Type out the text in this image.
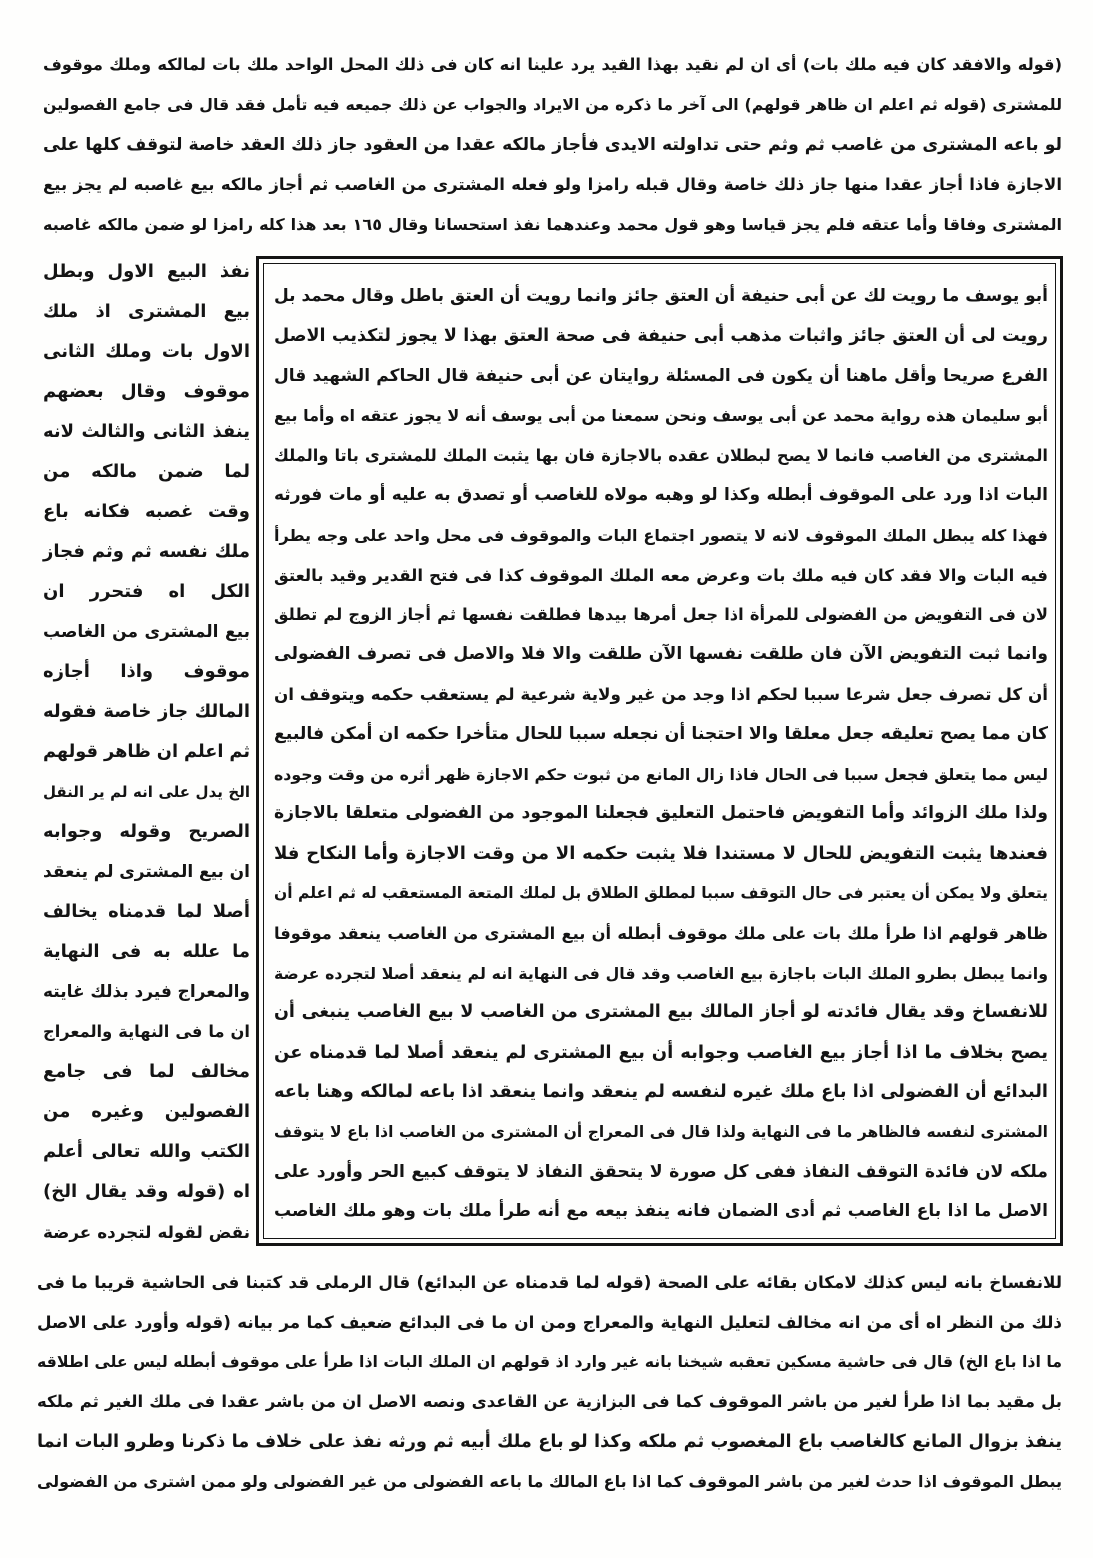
(قوله والافقد كان فيه ملك بات) أى ان لم نقيد بهذا القيد يرد علينا انه كان فى ذلك المحل الواحد ملك بات لمالكه وملك موقوف
للمشترى (قوله ثم اعلم ان ظاهر قولهم) الى آخر ما ذكره من الايراد والجواب عن ذلك جميعه فيه تأمل فقد قال فى جامع الفصولين
لو باعه المشترى من غاصب ثم وثم حتى تداولته الايدى فأجاز مالكه عقدا من العقود جاز ذلك العقد خاصة لتوقف كلها على
الاجازة فاذا أجاز عقدا منها جاز ذلك خاصة وقال قبله رامزا ولو فعله المشترى من الغاصب ثم أجاز مالكه بيع غاصبه لم يجز بيع
المشترى وفاقا وأما عتقه فلم يجز قياسا وهو قول محمد وعندهما نفذ استحسانا وقال ١٦٥ بعد هذا كله رامزا لو ضمن مالكه غاصبه
نفذ البيع الاول وبطل
بيع المشترى اذ ملك
الاول بات وملك الثانى
موقوف وقال بعضهم
ينفذ الثانى والثالث لانه
لما ضمن مالكه من
وقت غصبه فكانه باع
ملك نفسه ثم وثم فجاز
الكل اه فتحرر ان
بيع المشترى من الغاصب
موقوف واذا أجازه
المالك جاز خاصة فقوله
ثم اعلم ان ظاهر قولهم
الخ يدل على انه لم ير النقل
الصريح وقوله وجوابه
ان بيع المشترى لم ينعقد
أصلا لما قدمناه يخالف
ما علله به فى النهاية
والمعراج فيرد بذلك غايته
ان ما فى النهاية والمعراج
مخالف لما فى جامع
الفصولين وغيره من
الكتب والله تعالى أعلم
اه (قوله وقد يقال الخ)
نقض لقوله لتجرده عرضة
أبو يوسف ما رويت لك عن أبى حنيفة أن العتق جائز وانما رويت أن العتق باطل وقال محمد بل
رويت لى أن العتق جائز واثبات مذهب أبى حنيفة فى صحة العتق بهذا لا يجوز لتكذيب الاصل
الفرع صريحا وأقل ماهنا أن يكون فى المسئلة روايتان عن أبى حنيفة قال الحاكم الشهيد قال
أبو سليمان هذه رواية محمد عن أبى يوسف ونحن سمعنا من أبى يوسف أنه لا يجوز عتقه اه وأما بيع
المشترى من الغاصب فانما لا يصح لبطلان عقده بالاجازة فان بها يثبت الملك للمشترى باتا والملك
البات اذا ورد على الموقوف أبطله وكذا لو وهبه مولاه للغاصب أو تصدق به عليه أو مات فورثه
فهذا كله يبطل الملك الموقوف لانه لا يتصور اجتماع البات والموقوف فى محل واحد على وجه يطرأ
فيه البات والا فقد كان فيه ملك بات وعرض معه الملك الموقوف كذا فى فتح القدير وقيد بالعتق
لان فى التفويض من الفضولى للمرأة اذا جعل أمرها بيدها فطلقت نفسها ثم أجاز الزوج لم تطلق
وانما ثبت التفويض الآن فان طلقت نفسها الآن طلقت والا فلا والاصل فى تصرف الفضولى
أن كل تصرف جعل شرعا سببا لحكم اذا وجد من غير ولاية شرعية لم يستعقب حكمه ويتوقف ان
كان مما يصح تعليقه جعل معلقا والا احتجنا أن نجعله سببا للحال متأخرا حكمه ان أمكن فالبيع
ليس مما يتعلق فجعل سببا فى الحال فاذا زال المانع من ثبوت حكم الاجازة ظهر أثره من وقت وجوده
ولذا ملك الزوائد وأما التفويض فاحتمل التعليق فجعلنا الموجود من الفضولى متعلقا بالاجازة
فعندها يثبت التفويض للحال لا مستندا فلا يثبت حكمه الا من وقت الاجازة وأما النكاح فلا
يتعلق ولا يمكن أن يعتبر فى حال التوقف سببا لمطلق الطلاق بل لملك المتعة المستعقب له ثم اعلم أن
ظاهر قولهم اذا طرأ ملك بات على ملك موقوف أبطله أن بيع المشترى من الغاصب ينعقد موقوفا
وانما يبطل بطرو الملك البات باجازة بيع الغاصب وقد قال فى النهاية انه لم ينعقد أصلا لتجرده عرضة
للانفساخ وقد يقال فائدته لو أجاز المالك بيع المشترى من الغاصب لا بيع الغاصب ينبغى أن
يصح بخلاف ما اذا أجاز بيع الغاصب وجوابه أن بيع المشترى لم ينعقد أصلا لما قدمناه عن
البدائع أن الفضولى اذا باع ملك غيره لنفسه لم ينعقد وانما ينعقد اذا باعه لمالكه وهنا باعه
المشترى لنفسه فالظاهر ما فى النهاية ولذا قال فى المعراج أن المشترى من الغاصب اذا باع لا يتوقف
ملكه لان فائدة التوقف النفاذ ففى كل صورة لا يتحقق النفاذ لا يتوقف كبيع الحر وأورد على
الاصل ما اذا باع الغاصب ثم أدى الضمان فانه ينفذ بيعه مع أنه طرأ ملك بات وهو ملك الغاصب
للانفساخ بانه ليس كذلك لامكان بقائه على الصحة (قوله لما قدمناه عن البدائع) قال الرملى قد كتبنا فى الحاشية قريبا ما فى
ذلك من النظر اه أى من انه مخالف لتعليل النهاية والمعراج ومن ان ما فى البدائع ضعيف كما مر بيانه (قوله وأورد على الاصل
ما اذا باع الخ) قال فى حاشية مسكين تعقبه شيخنا بانه غير وارد اذ قولهم ان الملك البات اذا طرأ على موقوف أبطله ليس على اطلاقه
بل مقيد بما اذا طرأ لغير من باشر الموقوف كما فى البزازية عن القاعدى ونصه الاصل ان من باشر عقدا فى ملك الغير ثم ملكه
ينفذ بزوال المانع كالغاصب باع المغصوب ثم ملكه وكذا لو باع ملك أبيه ثم ورثه نفذ على خلاف ما ذكرنا وطرو البات انما
يبطل الموقوف اذا حدث لغير من باشر الموقوف كما اذا باع المالك ما باعه الفضولى من غير الفضولى ولو ممن اشترى من الفضولى
